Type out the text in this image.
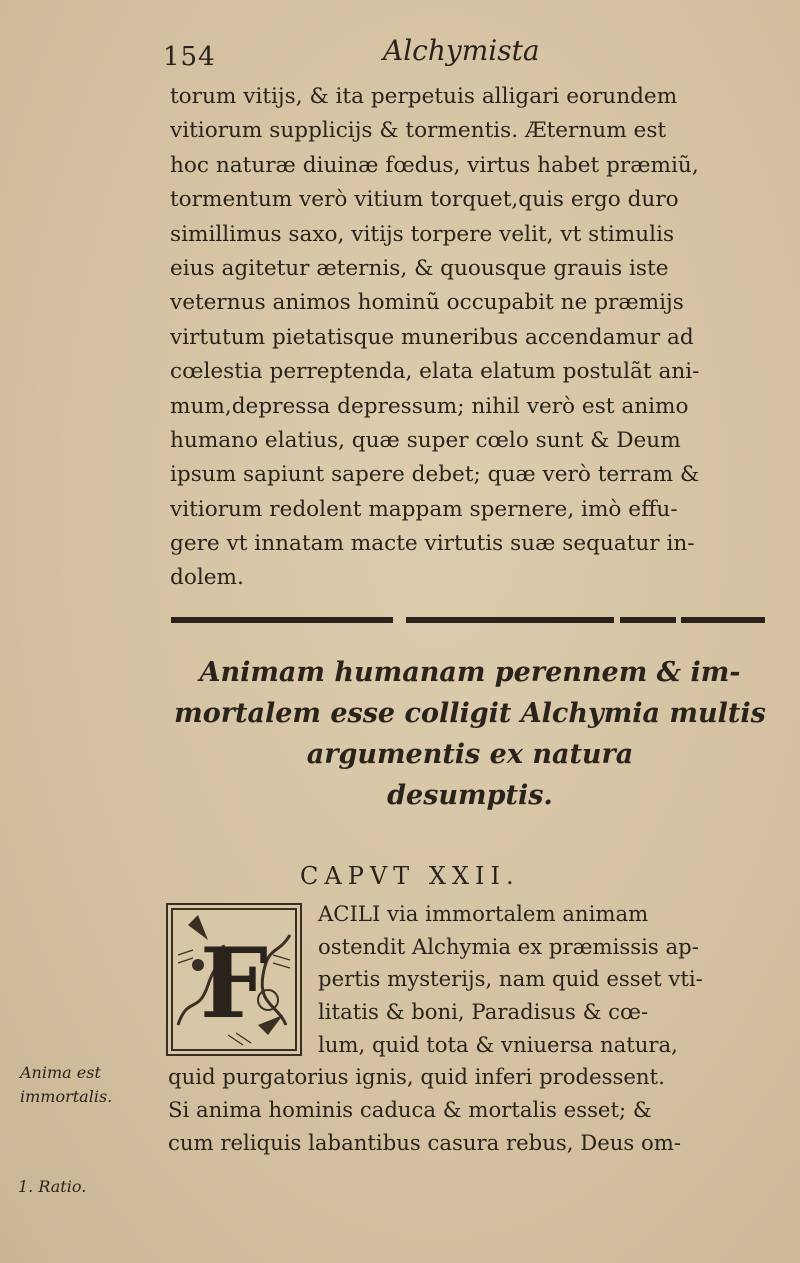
154	Alchymista
torum vitijs, & ita perpetuis alligari eorundem
vitiorum supplicijs & tormentis. Æternum est
hoc naturæ diuinæ fœdus, virtus habet præmiũ,
tormentum verò vitium torquet,quis ergo duro
simillimus saxo, vitijs torpere velit, vt stimulis
eius agitetur æternis, & quousque grauis iste
veternus animos hominũ occupabit ne præmijs
virtutum pietatisque muneribus accendamur ad
cœlestia perreptenda, elata elatum postulãt ani-
mum,depressa depressum; nihil verò est animo
humano elatius, quæ super cœlo sunt & Deum
ipsum sapiunt sapere debet; quæ verò terram &
vitiorum redolent mappam spernere, imò effu-
gere vt innatam macte virtutis suæ sequatur in-
dolem.
Animam humanam perennem & im-
mortalem esse colligit Alchymia multis
argumentis ex natura
desumptis.
CAPVT XXII.
F
ACILI via immortalem animam
ostendit Alchymia ex præmissis ap-
pertis mysterijs, nam quid esset vti-
litatis & boni, Paradisus & cœ-
lum, quid tota & vniuersa natura,
quid purgatorius ignis, quid inferi prodessent.
Si anima hominis caduca & mortalis esset; &
cum reliquis labantibus casura rebus, Deus om-
Anima est
immortalis.
1. Ratio.
